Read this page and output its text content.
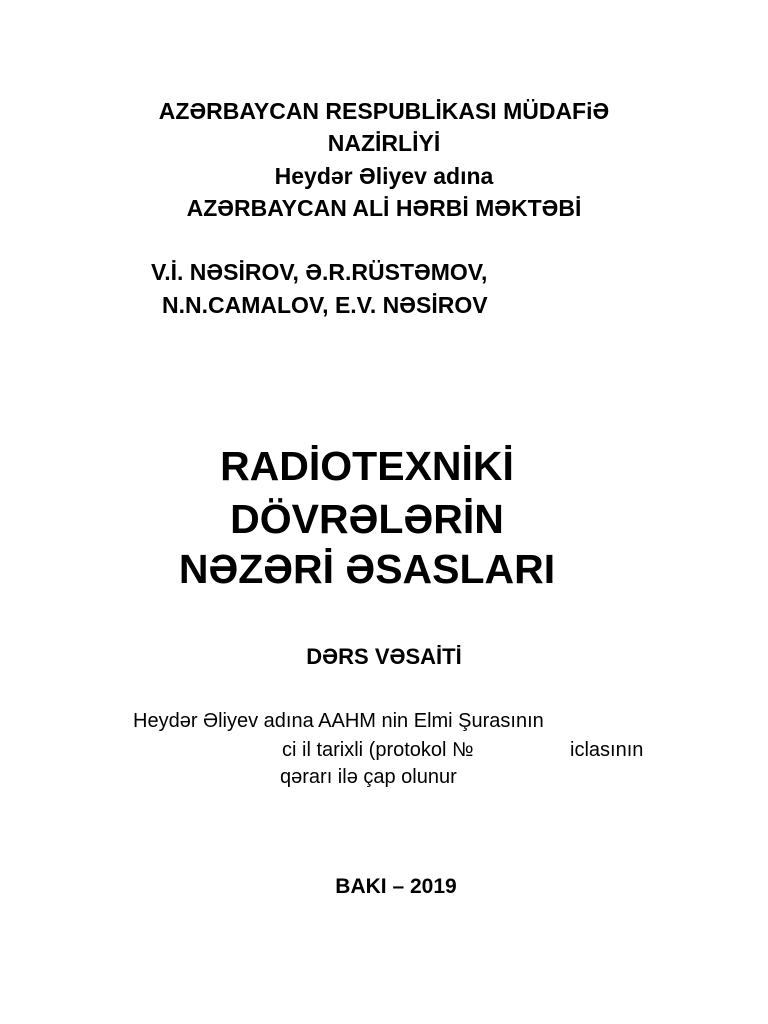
AZƏRBAYCAN RESPUBLİKASI MÜDAFiƏ

NAZİRLİYİ

Heydər Əliyev adına

AZƏRBAYCAN ALİ HƏRBİ MƏKTƏBİ

V.İ. NƏSİROV, Ə.R.RÜSTƏMOV,

N.N.CAMALOV, E.V. NƏSİROV

RADİOTEXNİKİ

DÖVRƏLƏRİN

NƏZƏRİ ƏSASLARI

DƏRS VƏSAİTİ

Heydər Əliyev adına AAHM nin Elmi Şurasının

ci il tarixli (protokol №	iclasının

qərarı ilə çap olunur

BAKI – 2019
